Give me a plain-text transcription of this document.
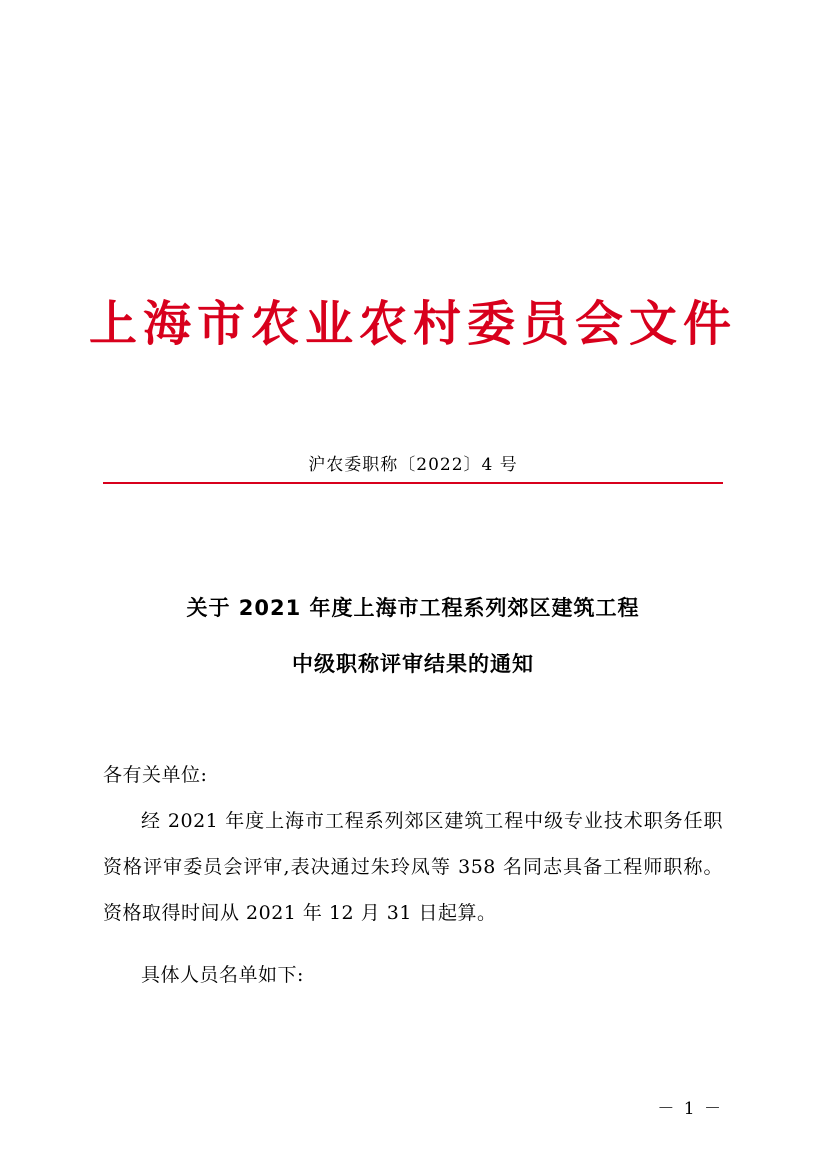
上海市农业农村委员会文件
沪农委职称〔2022〕4 号
关于 2021 年度上海市工程系列郊区建筑工程
中级职称评审结果的通知

各有关单位:

经 2021 年度上海市工程系列郊区建筑工程中级专业技术职务任职资格评审委员会评审,表决通过朱玲凤等 358 名同志具备工程师职称。资格取得时间从 2021 年 12 月 31 日起算。

具体人员名单如下:

－ 1 －
